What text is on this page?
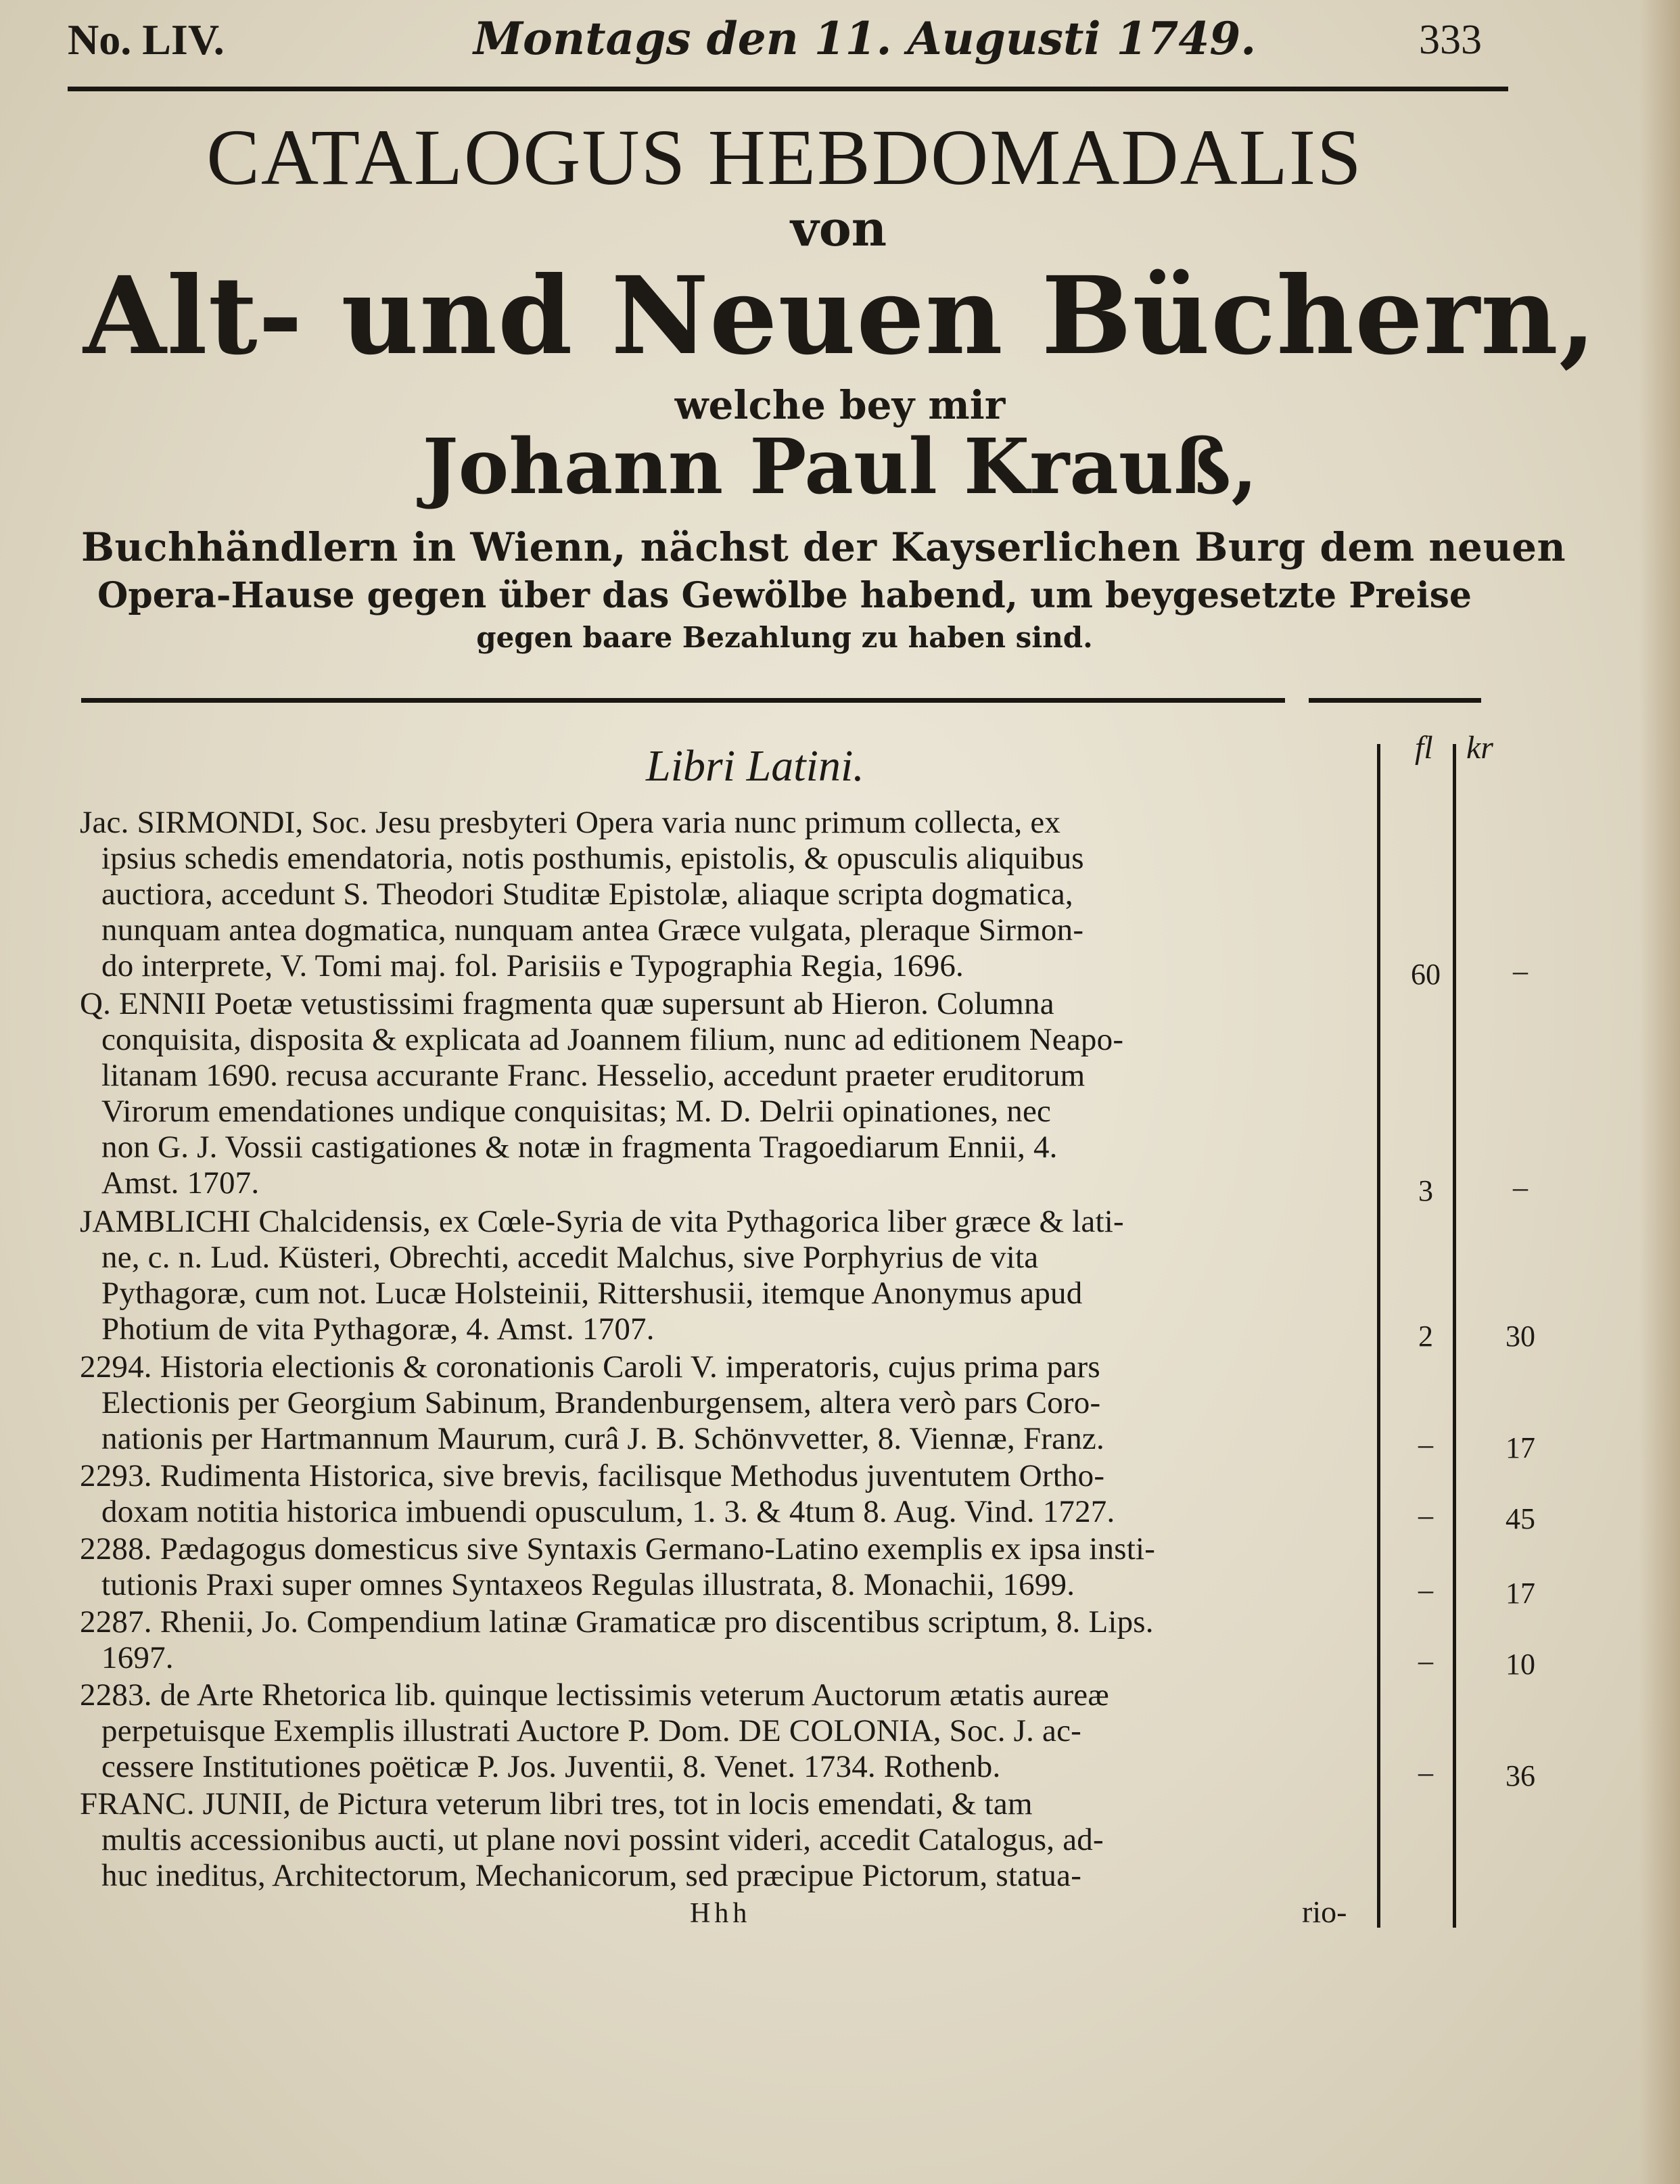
No. LIV.	Montags den 11. Augusti 1749.	333
CATALOGUS HEBDOMADALIS
von
Alt- und Neuen Büchern,
welche bey mir
Johann Paul Krauß,
Buchhändlern in Wienn, nächst der Kayserlichen Burg dem neuen
Opera-Hause gegen über das Gewölbe habend, um beygesetzte Preise
gegen baare Bezahlung zu haben sind.
Libri Latini.	fl kr
Jac. SIRMONDI, Soc. Jesu presbyteri Opera varia nunc primum collecta, ex
ipsius schedis emendatoria, notis posthumis, epistolis, & opusculis aliquibus
auctiora, accedunt S. Theodori Studitæ Epistolæ, aliaque scripta dogmatica,
nunquam antea dogmatica, nunquam antea Græce vulgata, pleraque Sirmon-
do interprete, V. Tomi maj. fol. Parisiis e Typographia Regia, 1696.	60	–
Q. ENNII Poetæ vetustissimi fragmenta quæ supersunt ab Hieron. Columna
conquisita, disposita & explicata ad Joannem filium, nunc ad editionem Neapo-
litanam 1690. recusa accurante Franc. Hesselio, accedunt praeter eruditorum
Virorum emendationes undique conquisitas; M. D. Delrii opinationes, nec
non G. J. Vossii castigationes & notæ in fragmenta Tragoediarum Ennii, 4.
Amst. 1707.	3	–
JAMBLICHI Chalcidensis, ex Cœle-Syria de vita Pythagorica liber græce & lati-
ne, c. n. Lud. Küsteri, Obrechti, accedit Malchus, sive Porphyrius de vita
Pythagoræ, cum not. Lucæ Holsteinii, Rittershusii, itemque Anonymus apud
Photium de vita Pythagoræ, 4. Amst. 1707.	2	30
2294. Historia electionis & coronationis Caroli V. imperatoris, cujus prima pars
Electionis per Georgium Sabinum, Brandenburgensem, altera verò pars Coro-
nationis per Hartmannum Maurum, curâ J. B. Schönvvetter, 8. Viennæ, Franz.	–	17
2293. Rudimenta Historica, sive brevis, facilisque Methodus juventutem Ortho-
doxam notitia historica imbuendi opusculum, 1. 3. & 4tum 8. Aug. Vind. 1727.	–	45
2288. Pædagogus domesticus sive Syntaxis Germano-Latino exemplis ex ipsa insti-
tutionis Praxi super omnes Syntaxeos Regulas illustrata, 8. Monachii, 1699.	–	17
2287. Rhenii, Jo. Compendium latinæ Gramaticæ pro discentibus scriptum, 8. Lips.
1697.	–	10
2283. de Arte Rhetorica lib. quinque lectissimis veterum Auctorum ætatis aureæ
perpetuisque Exemplis illustrati Auctore P. Dom. DE COLONIA, Soc. J. ac-
cessere Institutiones poëticæ P. Jos. Juventii, 8. Venet. 1734. Rothenb.	–	36
FRANC. JUNII, de Pictura veterum libri tres, tot in locis emendati, & tam
multis accessionibus aucti, ut plane novi possint videri, accedit Catalogus, ad-
huc ineditus, Architectorum, Mechanicorum, sed præcipue Pictorum, statua-
Hhh	rio-
